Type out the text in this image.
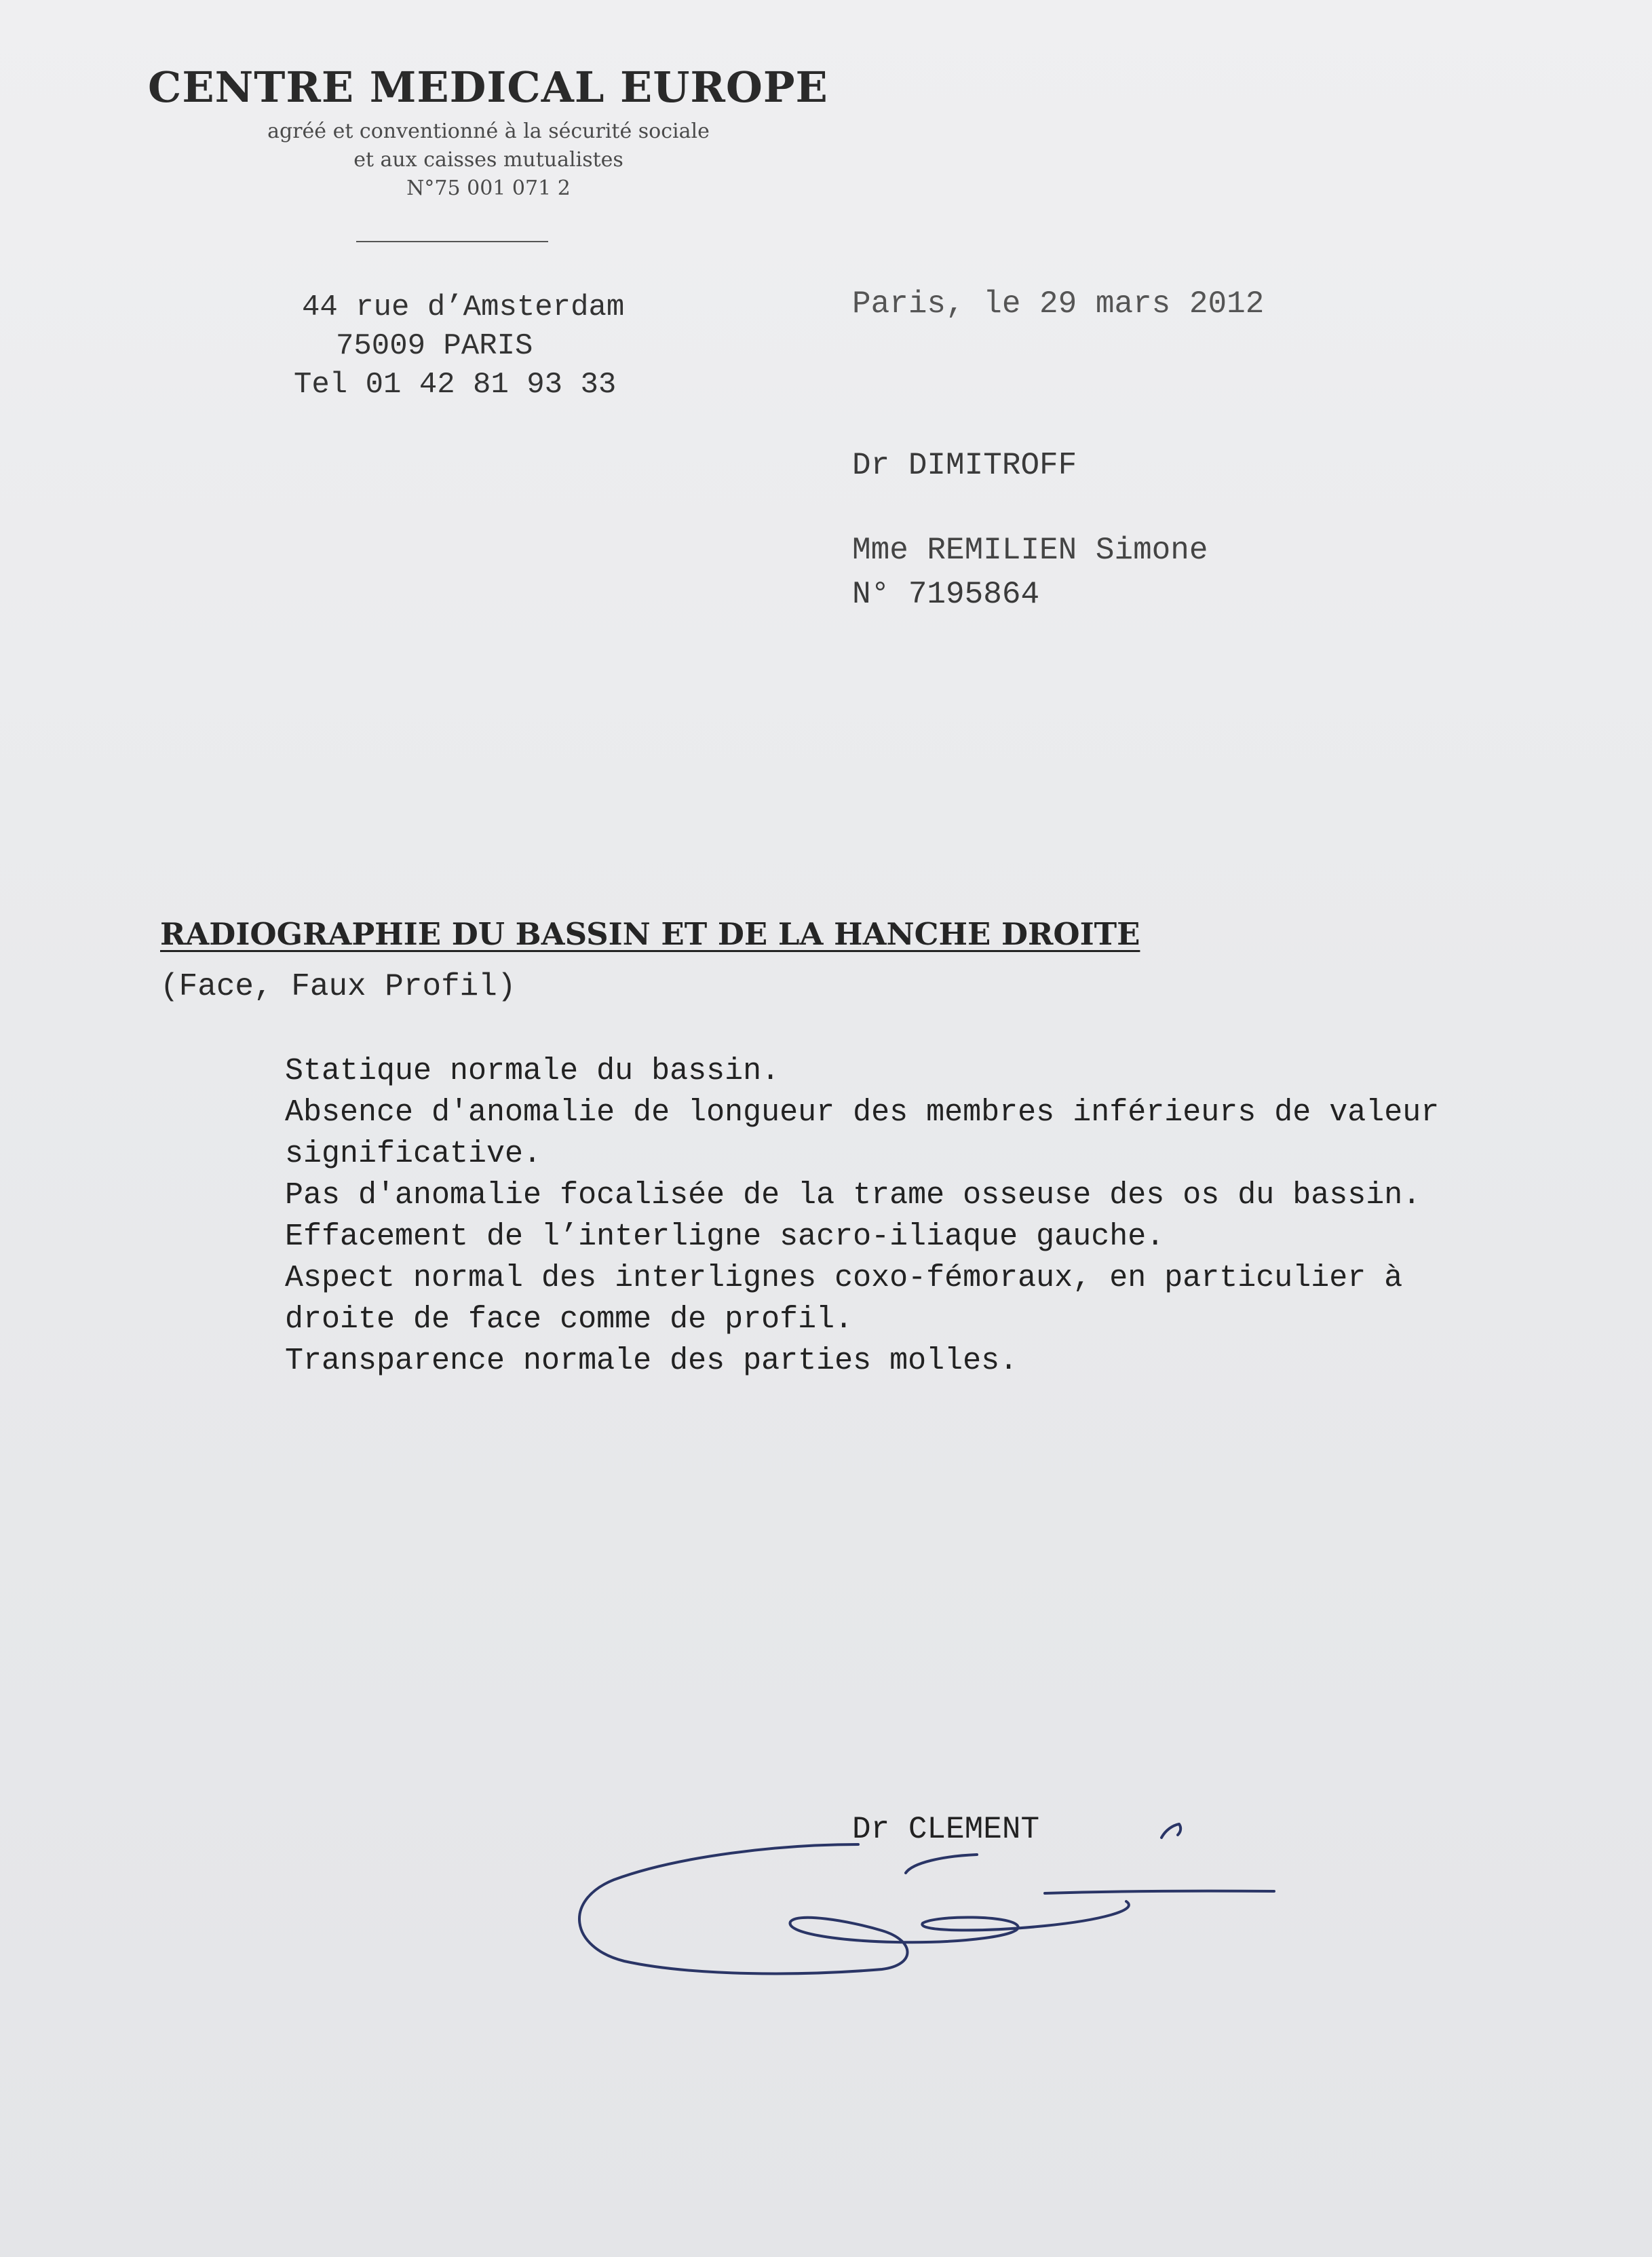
CENTRE MEDICAL EUROPE
agréé et conventionné à la sécurité sociale
et aux caisses mutualistes
N°75 001 071 2
44 rue d’Amsterdam
75009 PARIS
Tel 01 42 81 93 33
Paris, le 29 mars 2012
Dr DIMITROFF
Mme REMILIEN Simone
N° 7195864
RADIOGRAPHIE DU BASSIN ET DE LA HANCHE DROITE
(Face, Faux Profil)
Statique normale du bassin.
Absence d'anomalie de longueur des membres inférieurs de valeur
significative.
Pas d'anomalie focalisée de la trame osseuse des os du bassin.
Effacement de l’interligne sacro-iliaque gauche.
Aspect normal des interlignes coxo-fémoraux, en particulier à
droite de face comme de profil.
Transparence normale des parties molles.
Dr CLEMENT
